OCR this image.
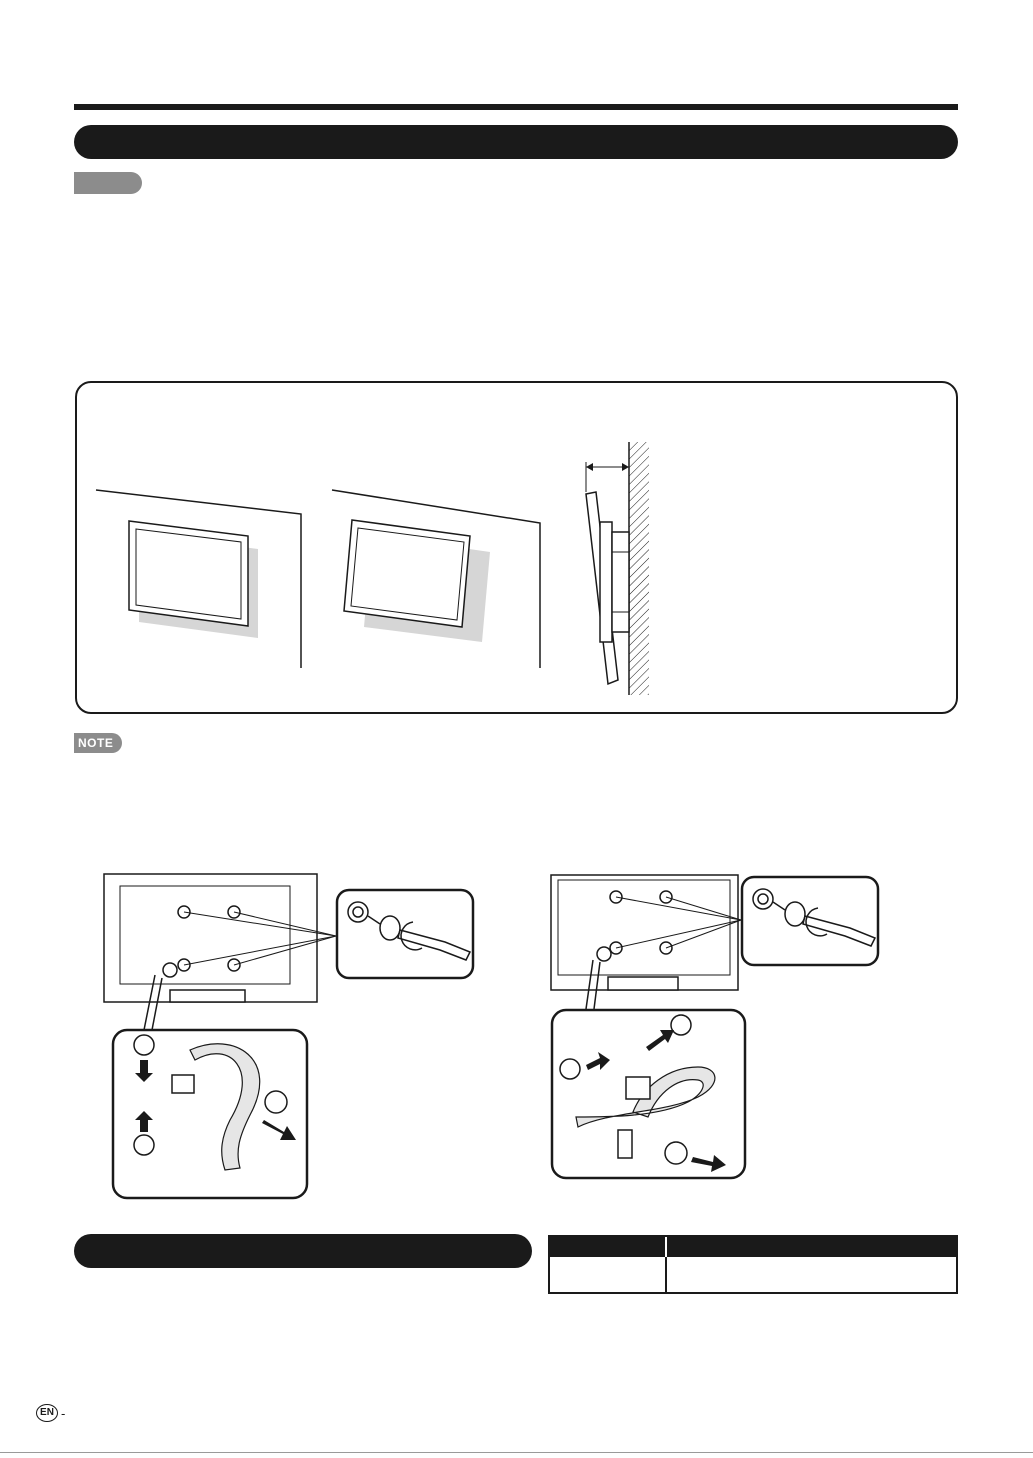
NOTE
EN -
